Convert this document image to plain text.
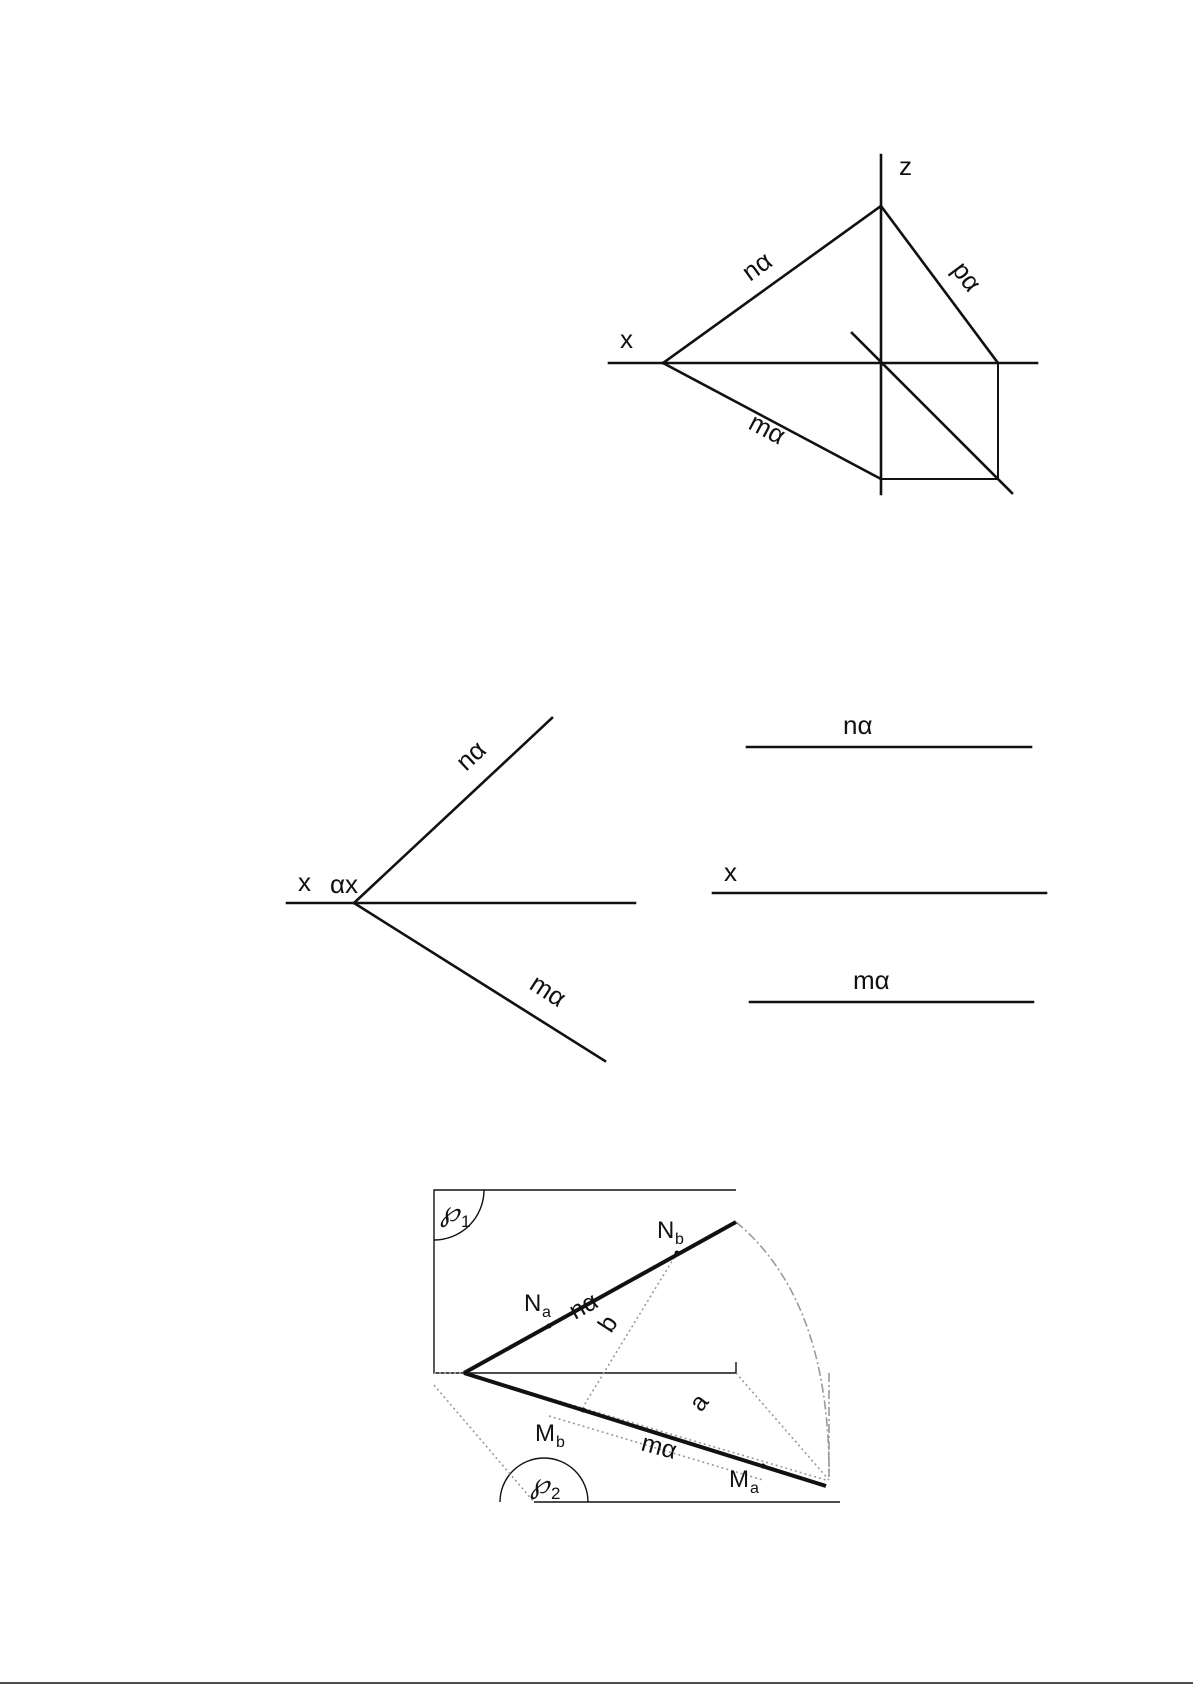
z
x
nα	pα
mα
x αx
nα
mα
nα
x
mα
℘ 1
℘ 2
nα
mα
N b
N a
M b
M a
b
a
